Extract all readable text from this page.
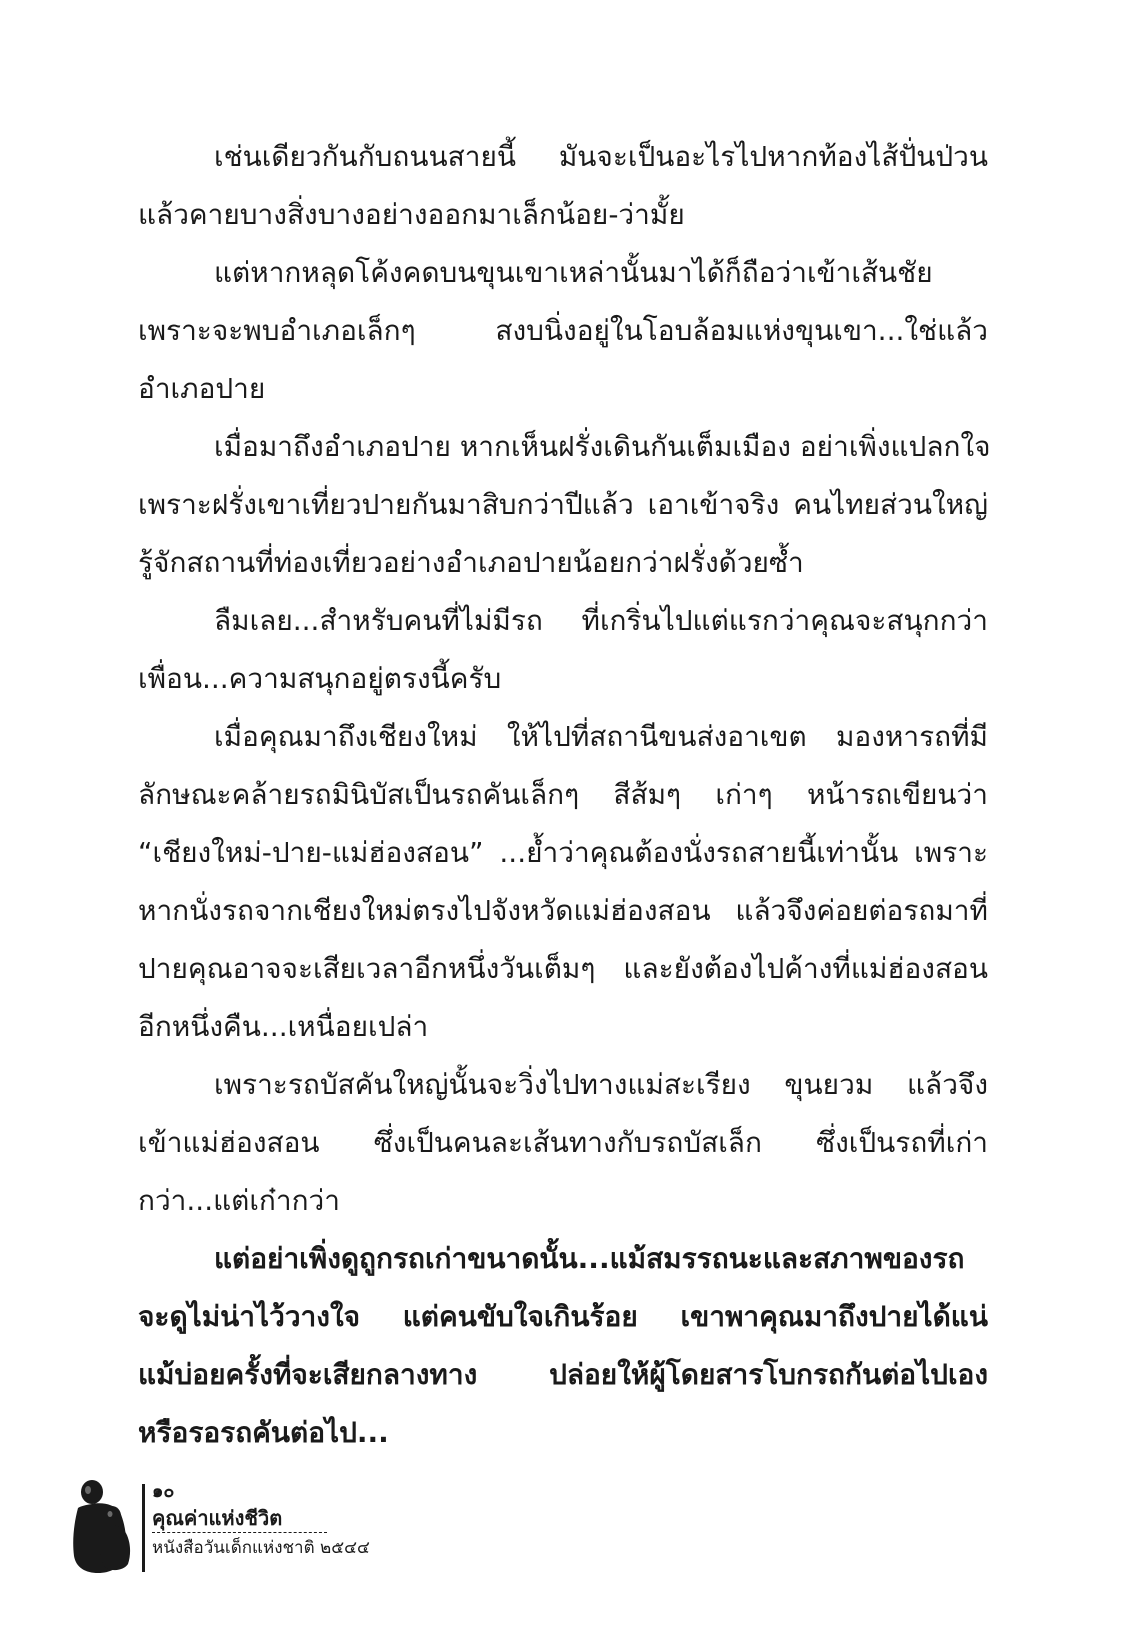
เช่นเดียวกันกับถนนสายนี้ มันจะเป็นอะไรไปหากท้องไส้ปั่นป่วน
แล้วคายบางสิ่งบางอย่างออกมาเล็กน้อย-ว่ามั้ย

แต่หากหลุดโค้งคดบนขุนเขาเหล่านั้นมาได้ก็ถือว่าเข้าเส้นชัย
เพราะจะพบอำเภอเล็กๆ สงบนิ่งอยู่ในโอบล้อมแห่งขุนเขา...ใช่แล้ว
อำเภอปาย

เมื่อมาถึงอำเภอปาย หากเห็นฝรั่งเดินกันเต็มเมือง อย่าเพิ่งแปลกใจ
เพราะฝรั่งเขาเที่ยวปายกันมาสิบกว่าปีแล้ว เอาเข้าจริง คนไทยส่วนใหญ่
รู้จักสถานที่ท่องเที่ยวอย่างอำเภอปายน้อยกว่าฝรั่งด้วยซ้ำ

ลืมเลย...สำหรับคนที่ไม่มีรถ ที่เกริ่นไปแต่แรกว่าคุณจะสนุกกว่า
เพื่อน...ความสนุกอยู่ตรงนี้ครับ

เมื่อคุณมาถึงเชียงใหม่ ให้ไปที่สถานีขนส่งอาเขต มองหารถที่มี
ลักษณะคล้ายรถมินิบัสเป็นรถคันเล็กๆ สีส้มๆ เก่าๆ หน้ารถเขียนว่า
“เชียงใหม่-ปาย-แม่ฮ่องสอน” ...ย้ำว่าคุณต้องนั่งรถสายนี้เท่านั้น เพราะ
หากนั่งรถจากเชียงใหม่ตรงไปจังหวัดแม่ฮ่องสอน แล้วจึงค่อยต่อรถมาที่
ปายคุณอาจจะเสียเวลาอีกหนึ่งวันเต็มๆ และยังต้องไปค้างที่แม่ฮ่องสอน
อีกหนึ่งคืน...เหนื่อยเปล่า

เพราะรถบัสคันใหญ่นั้นจะวิ่งไปทางแม่สะเรียง ขุนยวม แล้วจึง
เข้าแม่ฮ่องสอน ซึ่งเป็นคนละเส้นทางกับรถบัสเล็ก ซึ่งเป็นรถที่เก่า
กว่า...แต่เก๋ากว่า

แต่อย่าเพิ่งดูถูกรถเก่าขนาดนั้น...แม้สมรรถนะและสภาพของรถ
จะดูไม่น่าไว้วางใจ แต่คนขับใจเกินร้อย เขาพาคุณมาถึงปายได้แน่
แม้บ่อยครั้งที่จะเสียกลางทาง ปล่อยให้ผู้โดยสารโบกรถกันต่อไปเอง
หรือรอรถคันต่อไป...

๑๐
คุณค่าแห่งชีวิต
หนังสือวันเด็กแห่งชาติ ๒๕๔๔
